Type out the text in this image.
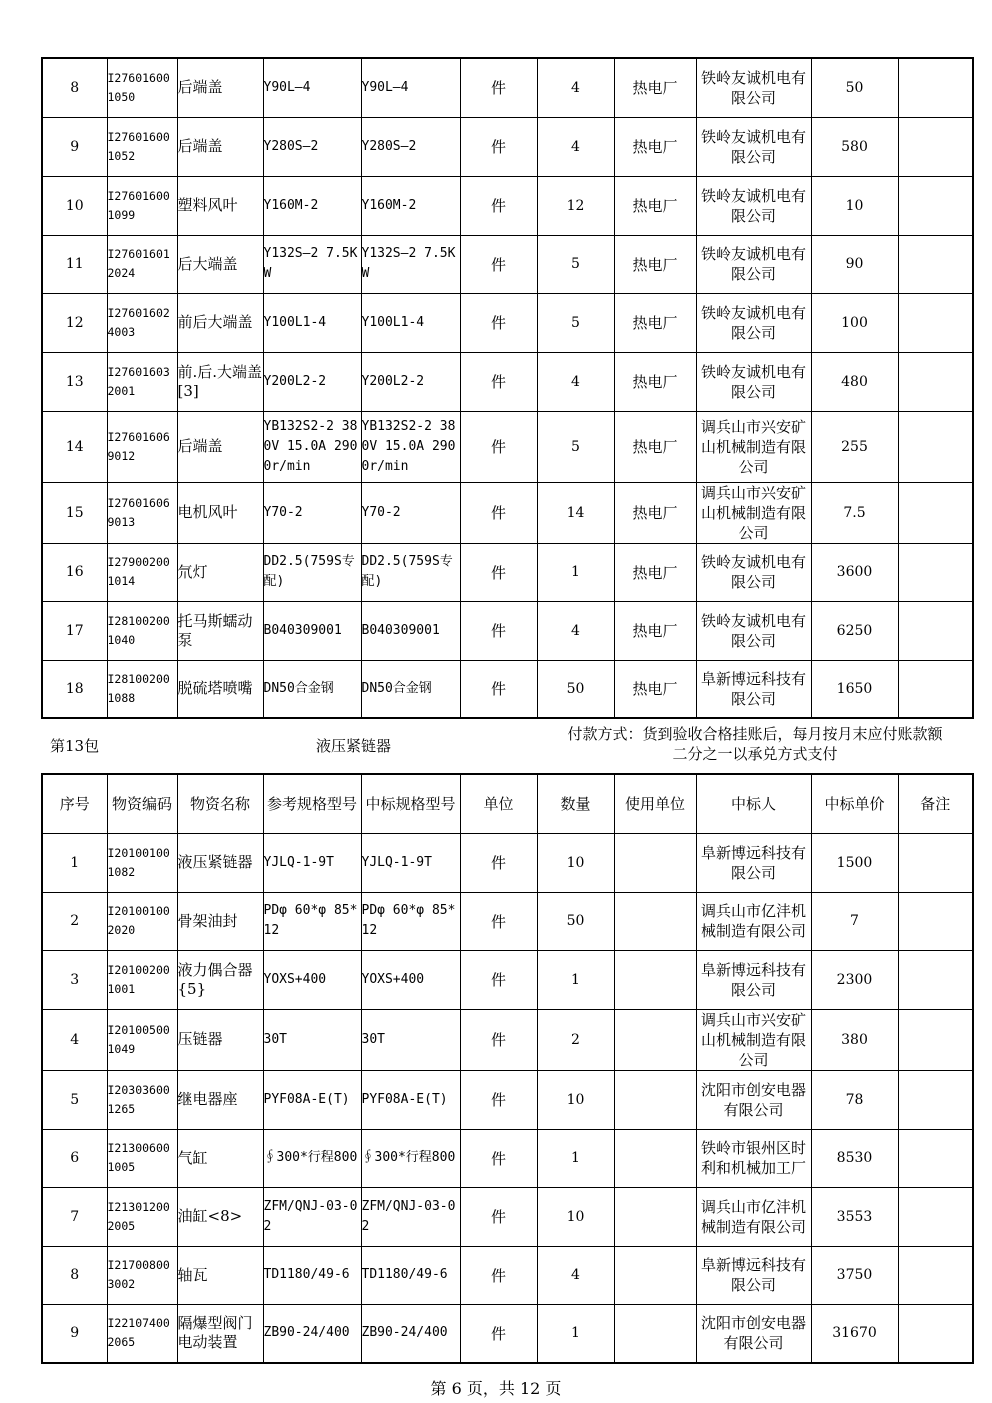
8	I276016001050	后端盖	Y90L—4	Y90L—4	件	4	热电厂	铁岭友诚机电有限公司	50	

9	I276016001052	后端盖	Y280S—2	Y280S—2	件	4	热电厂	铁岭友诚机电有限公司	580	

10	I276016001099	塑料风叶	Y160M-2	Y160M-2	件	12	热电厂	铁岭友诚机电有限公司	10	

11	I276016012024	后大端盖	Y132S—2 7.5KW	Y132S—2 7.5KW	件	5	热电厂	铁岭友诚机电有限公司	90	

12	I276016024003	前后大端盖	Y100L1-4	Y100L1-4	件	5	热电厂	铁岭友诚机电有限公司	100	

13	I276016032001	前.后.大端盖[3]	Y200L2-2	Y200L2-2	件	4	热电厂	铁岭友诚机电有限公司	480	

14	I276016069012	后端盖	YB132S2-2 380V 15.0A 2900r/min	YB132S2-2 380V 15.0A 2900r/min	件	5	热电厂	调兵山市兴安矿山机械制造有限公司	255	

15	I276016069013	电机风叶	Y70-2	Y70-2	件	14	热电厂	调兵山市兴安矿山机械制造有限公司	7.5	

16	I279002001014	氘灯	DD2.5(759S专配)	DD2.5(759S专配)	件	1	热电厂	铁岭友诚机电有限公司	3600	

17	I281002001040	托马斯蠕动泵	B040309001	B040309001	件	4	热电厂	铁岭友诚机电有限公司	6250	

18	I281002001088	脱硫塔喷嘴	DN50合金钢	DN50合金钢	件	50	热电厂	阜新博远科技有限公司	1650	

第13包	液压紧链器
付款方式：货到验收合格挂账后，每月按月末应付账款额
二分之一以承兑方式支付
序号	物资编码	物资名称	参考规格型号	中标规格型号	单位	数量	使用单位	中标人	中标单价	备注

1	I201001001082	液压紧链器	YJLQ-1-9T	YJLQ-1-9T	件	10		阜新博远科技有限公司	1500	

2	I201001002020	骨架油封	PDφ 60*φ 85*12	PDφ 60*φ 85*12	件	50		调兵山市亿沣机械制造有限公司	7	

3	I201002001001	液力偶合器{5}	YOXS+400	YOXS+400	件	1		阜新博远科技有限公司	2300	

4	I201005001049	压链器	30T	30T	件	2		调兵山市兴安矿山机械制造有限公司	380	

5	I203036001265	继电器座	PYF08A-E(T)	PYF08A-E(T)	件	10		沈阳市创安电器有限公司	78	

6	I213006001005	气缸	∮300*行程800	∮300*行程800	件	1		铁岭市银州区时利和机械加工厂	8530	

7	I213012002005	油缸<8>	ZFM/QNJ-03-02	ZFM/QNJ-03-02	件	10		调兵山市亿沣机械制造有限公司	3553	

8	I217008003002	轴瓦	TD1180/49-6	TD1180/49-6	件	4		阜新博远科技有限公司	3750	

9	I221074002065	隔爆型阀门电动装置	ZB90-24/400	ZB90-24/400	件	1		沈阳市创安电器有限公司	31670	

第 6 页，共 12 页
